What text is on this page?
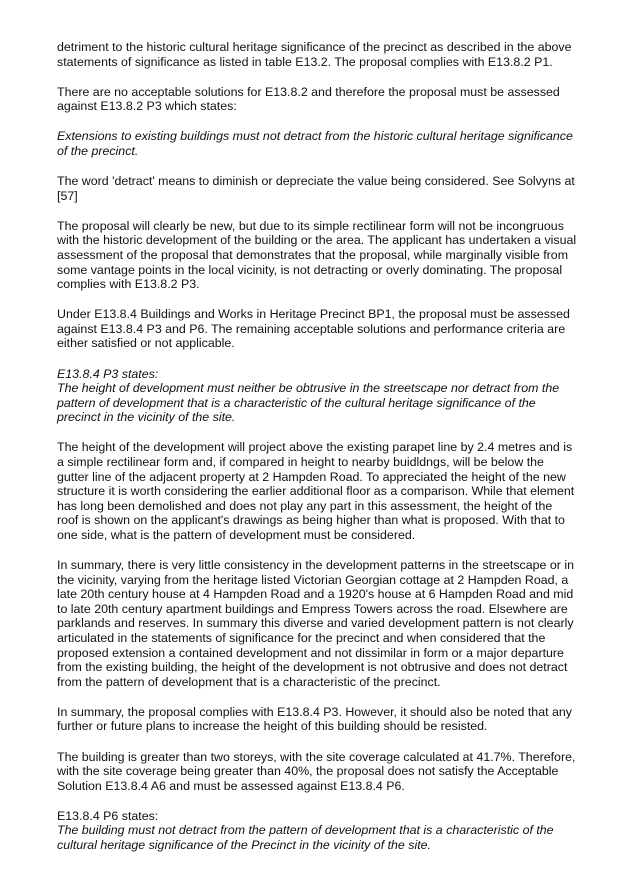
detriment to the historic cultural heritage significance of the precinct as described in the above statements of significance as listed in table E13.2. The proposal complies with E13.8.2 P1.

There are no acceptable solutions for E13.8.2 and therefore the proposal must be assessed against E13.8.2 P3 which states:

Extensions to existing buildings must not detract from the historic cultural heritage significance of the precinct.

The word 'detract' means to diminish or depreciate the value being considered. See Solvyns at [57]

The proposal will clearly be new, but due to its simple rectilinear form will not be incongruous with the historic development of the building or the area. The applicant has undertaken a visual assessment of the proposal that demonstrates that the proposal, while marginally visible from some vantage points in the local vicinity, is not detracting or overly dominating. The proposal complies with E13.8.2 P3.

Under E13.8.4 Buildings and Works in Heritage Precinct BP1, the proposal must be assessed against E13.8.4 P3 and P6. The remaining acceptable solutions and performance criteria are either satisfied or not applicable.

E13.8.4 P3 states:

The height of development must neither be obtrusive in the streetscape nor detract from the pattern of development that is a characteristic of the cultural heritage significance of the precinct in the vicinity of the site.

The height of the development will project above the existing parapet line by 2.4 metres and is a simple rectilinear form and, if compared in height to nearby buidldngs, will be below the gutter line of the adjacent property at 2 Hampden Road. To appreciated the height of the new structure it is worth considering the earlier additional floor as a comparison. While that element has long been demolished and does not play any part in this assessment, the height of the roof is shown on the applicant's drawings as being higher than what is proposed. With that to one side, what is the pattern of development must be considered.

In summary, there is very little consistency in the development patterns in the streetscape or in the vicinity, varying from the heritage listed Victorian Georgian cottage at 2 Hampden Road, a late 20th century house at 4 Hampden Road and a 1920's house at 6 Hampden Road and mid to late 20th century apartment buildings and Empress Towers across the road. Elsewhere are parklands and reserves. In summary this diverse and varied development pattern is not clearly articulated in the statements of significance for the precinct and when considered that the proposed extension a contained development and not dissimilar in form or a major departure from the existing building, the height of the development is not obtrusive and does not detract from the pattern of development that is a characteristic of the precinct.

In summary, the proposal complies with E13.8.4 P3. However, it should also be noted that any further or future plans to increase the height of this building should be resisted.

The building is greater than two storeys, with the site coverage calculated at 41.7%. Therefore, with the site coverage being greater than 40%, the proposal does not satisfy the Acceptable Solution E13.8.4 A6 and must be assessed against E13.8.4 P6.

E13.8.4 P6 states:

The building must not detract from the pattern of development that is a characteristic of the cultural heritage significance of the Precinct in the vicinity of the site.
